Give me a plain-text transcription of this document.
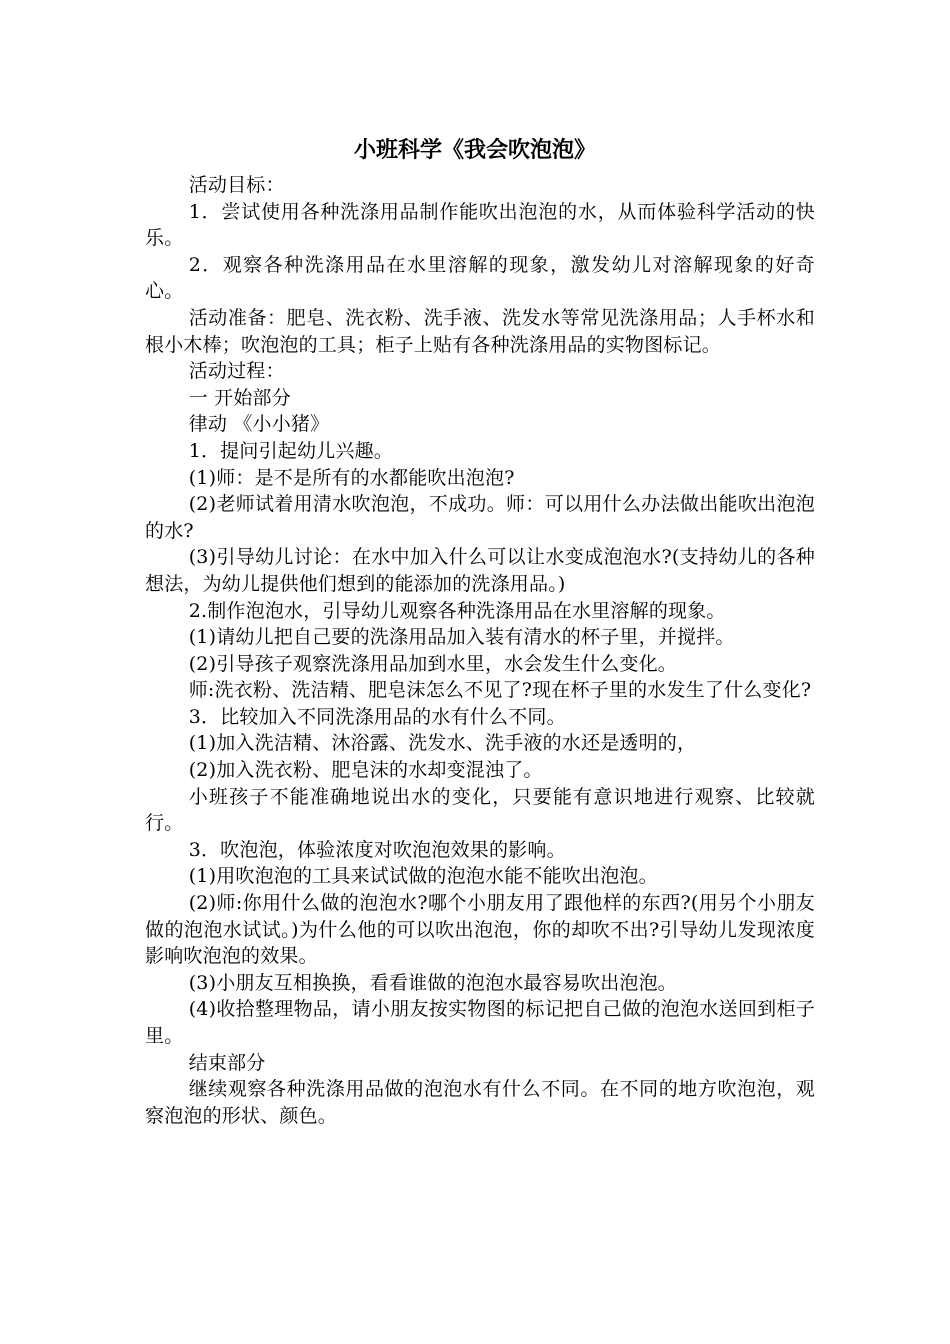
小班科学《我会吹泡泡》

活动目标：

1．尝试使用各种洗涤用品制作能吹出泡泡的水，从而体验科学活动的快乐。

2．观察各种洗涤用品在水里溶解的现象，激发幼儿对溶解现象的好奇心。

活动准备：肥皂、洗衣粉、洗手液、洗发水等常见洗涤用品；人手杯水和根小木棒；吹泡泡的工具；柜子上贴有各种洗涤用品的实物图标记。

活动过程：

一 开始部分

律动 《小小猪》

1．提问引起幼儿兴趣。

(1)师：是不是所有的水都能吹出泡泡?

(2)老师试着用清水吹泡泡，不成功。师：可以用什么办法做出能吹出泡泡的水?

(3)引导幼儿讨论：在水中加入什么可以让水变成泡泡水?(支持幼儿的各种想法，为幼儿提供他们想到的能添加的洗涤用品。)

2.制作泡泡水，引导幼儿观察各种洗涤用品在水里溶解的现象。

(1)请幼儿把自己要的洗涤用品加入装有清水的杯子里，并搅拌。

(2)引导孩子观察洗涤用品加到水里，水会发生什么变化。

师:洗衣粉、洗洁精、肥皂沫怎么不见了?现在杯子里的水发生了什么变化?

3．比较加入不同洗涤用品的水有什么不同。

(1)加入洗洁精、沐浴露、洗发水、洗手液的水还是透明的，

(2)加入洗衣粉、肥皂沫的水却变混浊了。

小班孩子不能准确地说出水的变化，只要能有意识地进行观察、比较就行。

3．吹泡泡，体验浓度对吹泡泡效果的影响。

(1)用吹泡泡的工具来试试做的泡泡水能不能吹出泡泡。

(2)师:你用什么做的泡泡水?哪个小朋友用了跟他样的东西?(用另个小朋友做的泡泡水试试。)为什么他的可以吹出泡泡，你的却吹不出?引导幼儿发现浓度影响吹泡泡的效果。

(3)小朋友互相换换，看看谁做的泡泡水最容易吹出泡泡。

(4)收拾整理物品，请小朋友按实物图的标记把自己做的泡泡水送回到柜子里。

结束部分

继续观察各种洗涤用品做的泡泡水有什么不同。在不同的地方吹泡泡，观察泡泡的形状、颜色。
